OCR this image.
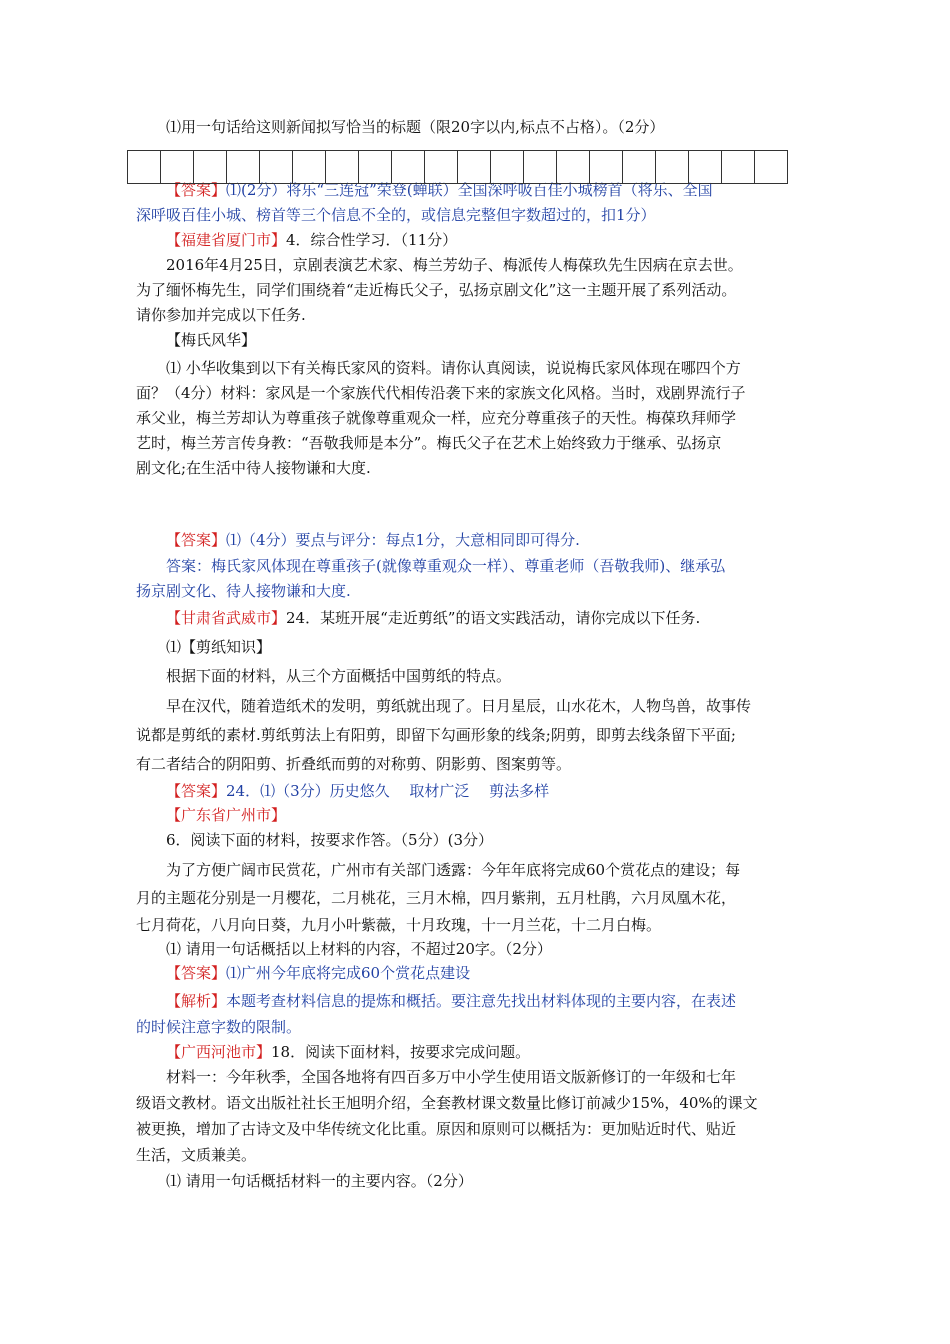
⑴用一句话给这则新闻拟写恰当的标题（限20字以内,标点不占格）。（2分）
【答案】⑴(2分）将乐“三连冠”荣登(蝉联）全国深呼吸百佳小城榜首（将乐、全国
深呼吸百佳小城、榜首等三个信息不全的，或信息完整但字数超过的，扣1分）
【福建省厦门市】4．综合性学习．（11分）
2016年4月25日，京剧表演艺术家、梅兰芳幼子、梅派传人梅葆玖先生因病在京去世。
为了缅怀梅先生，同学们围绕着“走近梅氏父子，弘扬京剧文化”这一主题开展了系列活动。
请你参加并完成以下任务.
【梅氏风华】
⑴ 小华收集到以下有关梅氏家风的资料。请你认真阅读，说说梅氏家风体现在哪四个方
面？（4分）材料：家风是一个家族代代相传沿袭下来的家族文化风格。当时，戏剧界流行子
承父业，梅兰芳却认为尊重孩子就像尊重观众一样，应充分尊重孩子的天性。梅葆玖拜师学
艺时，梅兰芳言传身教：“吾敬我师是本分”。梅氏父子在艺术上始终致力于继承、弘扬京
剧文化;在生活中待人接物谦和大度.
【答案】⑴（4分）要点与评分：每点1分，大意相同即可得分.
答案：梅氏家风体现在尊重孩子(就像尊重观众一样）、尊重老师（吾敬我师)、继承弘
扬京剧文化、待人接物谦和大度.
【甘肃省武威市】24．某班开展“走近剪纸”的语文实践活动，请你完成以下任务.
⑴【剪纸知识】
根据下面的材料，从三个方面概括中国剪纸的特点。
早在汉代，随着造纸术的发明，剪纸就出现了。日月星辰，山水花木，人物鸟兽，故事传
说都是剪纸的素材.剪纸剪法上有阳剪，即留下勾画形象的线条;阴剪，即剪去线条留下平面;
有二者结合的阴阳剪、折叠纸而剪的对称剪、阴影剪、图案剪等。
【答案】24．⑴（3分）历史悠久　 取材广泛　 剪法多样
【广东省广州市】
6．阅读下面的材料，按要求作答。（5分）(3分）
为了方便广阔市民赏花，广州市有关部门透露：今年年底将完成60个赏花点的建设；每
月的主题花分别是一月樱花，二月桃花，三月木棉，四月紫荆，五月杜鹃，六月凤凰木花，
七月荷花，八月向日葵，九月小叶紫薇，十月玫瑰，十一月兰花，十二月白梅。
⑴ 请用一句话概括以上材料的内容，不超过20字。（2分）
【答案】⑴广州今年底将完成60个赏花点建设
【解析】本题考查材料信息的提炼和概括。要注意先找出材料体现的主要内容，在表述
的时候注意字数的限制。
【广西河池市】18．阅读下面材料，按要求完成问题。
材料一：今年秋季，全国各地将有四百多万中小学生使用语文版新修订的一年级和七年
级语文教材。语文出版社社长王旭明介绍，全套教材课文数量比修订前减少15%，40%的课文
被更换，增加了古诗文及中华传统文化比重。原因和原则可以概括为：更加贴近时代、贴近
生活，文质兼美。
⑴ 请用一句话概括材料一的主要内容。（2分）
